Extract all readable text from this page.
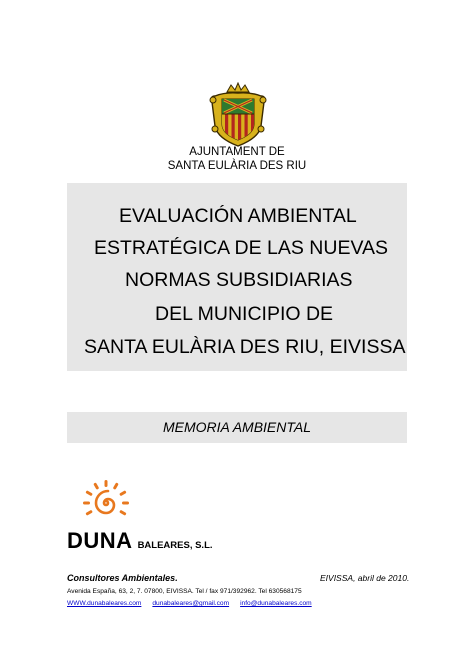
AJUNTAMENT DE
SANTA EULÀRIA DES RIU
EVALUACIÓN AMBIENTAL
ESTRATÉGICA DE LAS NUEVAS
NORMAS SUBSIDIARIAS
DEL MUNICIPIO DE
SANTA EULÀRIA DES RIU, EIVISSA
MEMORIA AMBIENTAL
DUNA BALEARES, S.L.
Consultores Ambientales.	EIVISSA, abril de 2010.
Avenida España, 63, 2, 7. 07800, EIVISSA. Tel / fax 971/392962. Tel 630568175
WWW.dunabaleares.com dunabaleares@gmail.com info@dunabaleares.com
